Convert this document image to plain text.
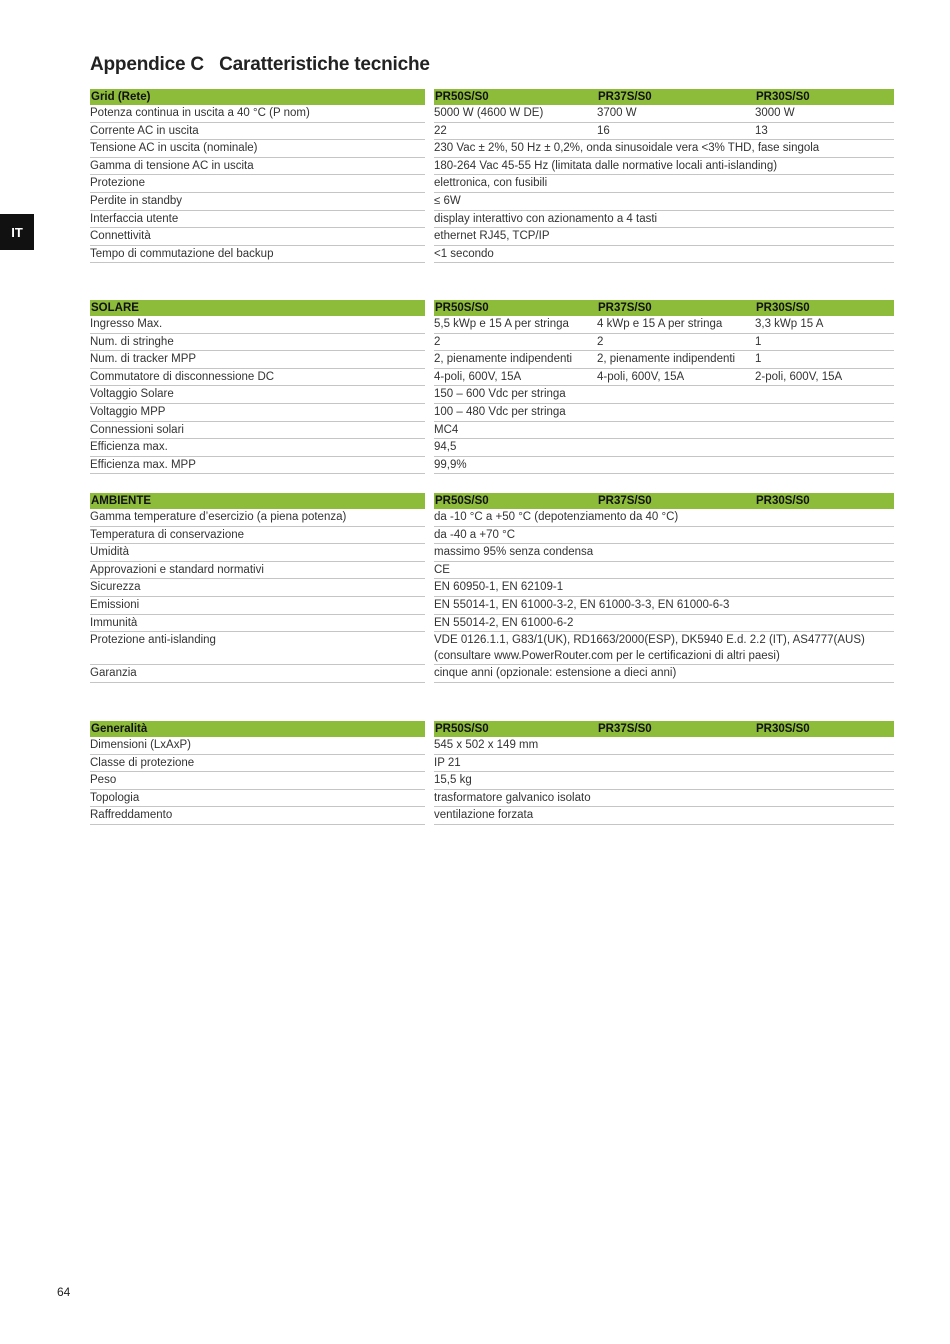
Appendice C   Caratteristiche tecniche
IT
Grid (Rete)	PR50S/S0	PR37S/S0	PR30S/S0
Potenza continua in uscita a 40 °C (P nom)	5000 W (4600 W DE)	3700 W	3000 W
Corrente AC in uscita	22	16	13
Tensione AC in uscita (nominale)	230 Vac ± 2%, 50 Hz ± 0,2%, onda sinusoidale vera <3% THD, fase singola
Gamma di tensione AC in uscita	180-264 Vac 45-55 Hz (limitata dalle normative locali anti-islanding)
Protezione	elettronica, con fusibili
Perdite in standby	≤ 6W
Interfaccia utente	display interattivo con azionamento a 4 tasti
Connettività	ethernet RJ45, TCP/IP
Tempo di commutazione del backup	<1 secondo
SOLARE	PR50S/S0	PR37S/S0	PR30S/S0
Ingresso Max.	5,5 kWp e 15 A per stringa	4 kWp e 15 A per stringa	3,3 kWp 15 A
Num. di stringhe	2	2	1
Num. di tracker MPP	2, pienamente indipendenti	2, pienamente indipendenti	1
Commutatore di disconnessione DC	4-poli, 600V, 15A	4-poli, 600V, 15A	2-poli, 600V, 15A
Voltaggio Solare	150 – 600 Vdc per stringa
Voltaggio MPP	100 – 480 Vdc per stringa
Connessioni solari	MC4
Efficienza max.	94,5
Efficienza max. MPP	99,9%
AMBIENTE	PR50S/S0	PR37S/S0	PR30S/S0
Gamma temperature d’esercizio (a piena potenza)	da -10 °C a +50 °C (depotenziamento da 40 °C)
Temperatura di conservazione	da -40 a +70 °C
Umidità	massimo 95% senza condensa
Approvazioni e standard normativi	CE
Sicurezza	EN 60950-1, EN 62109-1
Emissioni	EN 55014-1, EN 61000-3-2, EN 61000-3-3, EN 61000-6-3
Immunità	EN 55014-2, EN 61000-6-2
Protezione anti-islanding	VDE 0126.1.1, G83/1(UK), RD1663/2000(ESP), DK5940 E.d. 2.2 (IT), AS4777(AUS)
(consultare www.PowerRouter.com per le certificazioni di altri paesi)
Garanzia	cinque anni (opzionale: estensione a dieci anni)
Generalità	PR50S/S0	PR37S/S0	PR30S/S0
Dimensioni (LxAxP)	545 x 502 x 149 mm
Classe di protezione	IP 21
Peso	15,5 kg
Topologia	trasformatore galvanico isolato
Raffreddamento	ventilazione forzata
64
